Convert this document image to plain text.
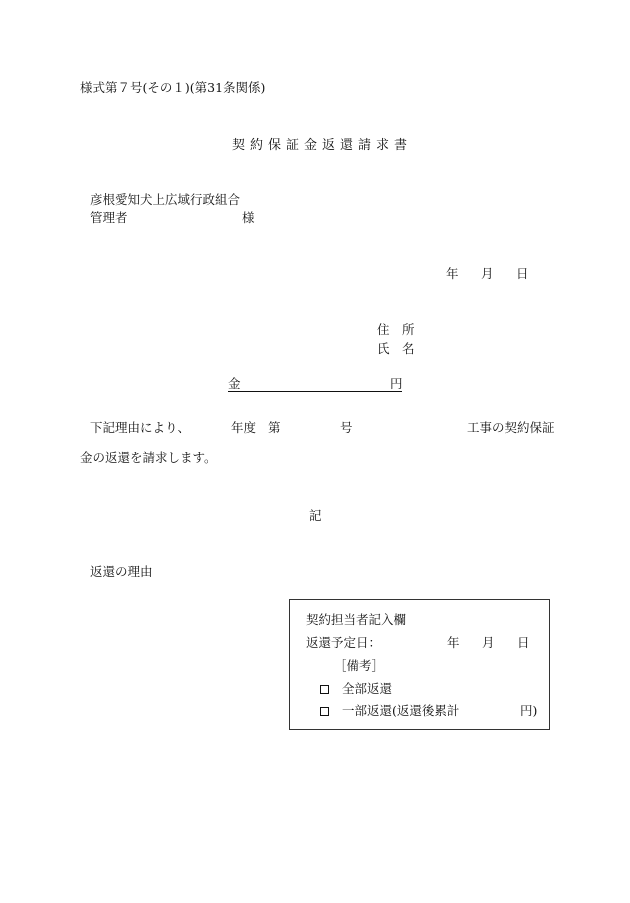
様式第７号(その１)(第31条関係)
契約保証金返還請求書
彦根愛知犬上広域行政組合
管理者	様
年 月 日
住　所
氏　名
金	円
下記理由により、	年度 第	号	工事の契約保証
金の返還を請求します。
記
返還の理由
契約担当者記入欄
返還予定日：	年 月 日
［備考］
全部返還
一部返還(返還後累計	円)
